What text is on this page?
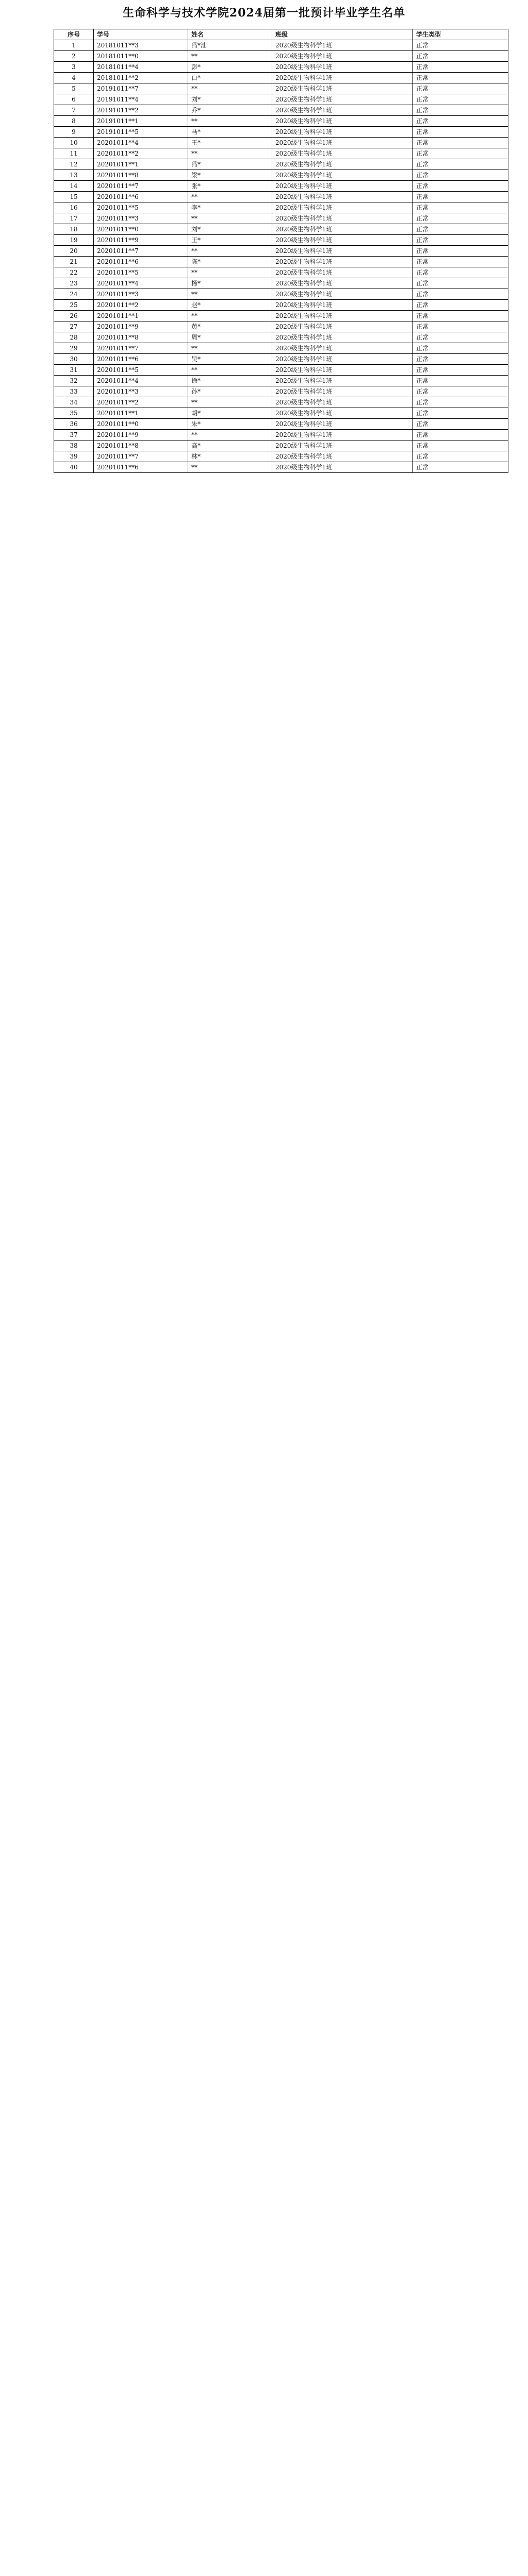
生命科学与技术学院2024届第一批预计毕业学生名单
序号	学号	姓名	班级	学生类型
1	20181011**3	冯*汕	2020级生物科学1班	正常
2	20181011**0	**	2020级生物科学1班	正常
3	20181011**4	彭*	2020级生物科学1班	正常
4	20181011**2	白*	2020级生物科学1班	正常
5	20191011**7	**	2020级生物科学1班	正常
6	20191011**4	刘*	2020级生物科学1班	正常
7	20191011**2	乔*	2020级生物科学1班	正常
8	20191011**1	**	2020级生物科学1班	正常
9	20191011**5	马*	2020级生物科学1班	正常
10	20201011**4	王*	2020级生物科学1班	正常
11	20201011**2	**	2020级生物科学1班	正常
12	20201011**1	冯*	2020级生物科学1班	正常
13	20201011**8	梁*	2020级生物科学1班	正常
14	20201011**7	张*	2020级生物科学1班	正常
15	20201011**6	**	2020级生物科学1班	正常
16	20201011**5	李*	2020级生物科学1班	正常
17	20201011**3	**	2020级生物科学1班	正常
18	20201011**0	刘*	2020级生物科学1班	正常
19	20201011**9	王*	2020级生物科学1班	正常
20	20201011**7	**	2020级生物科学1班	正常
21	20201011**6	陈*	2020级生物科学1班	正常
22	20201011**5	**	2020级生物科学1班	正常
23	20201011**4	杨*	2020级生物科学1班	正常
24	20201011**3	**	2020级生物科学1班	正常
25	20201011**2	赵*	2020级生物科学1班	正常
26	20201011**1	**	2020级生物科学1班	正常
27	20201011**9	黄*	2020级生物科学1班	正常
28	20201011**8	周*	2020级生物科学1班	正常
29	20201011**7	**	2020级生物科学1班	正常
30	20201011**6	吴*	2020级生物科学1班	正常
31	20201011**5	**	2020级生物科学1班	正常
32	20201011**4	徐*	2020级生物科学1班	正常
33	20201011**3	孙*	2020级生物科学1班	正常
34	20201011**2	**	2020级生物科学1班	正常
35	20201011**1	胡*	2020级生物科学1班	正常
36	20201011**0	朱*	2020级生物科学1班	正常
37	20201011**9	**	2020级生物科学1班	正常
38	20201011**8	高*	2020级生物科学1班	正常
39	20201011**7	林*	2020级生物科学1班	正常
40	20201011**6	**	2020级生物科学1班	正常
